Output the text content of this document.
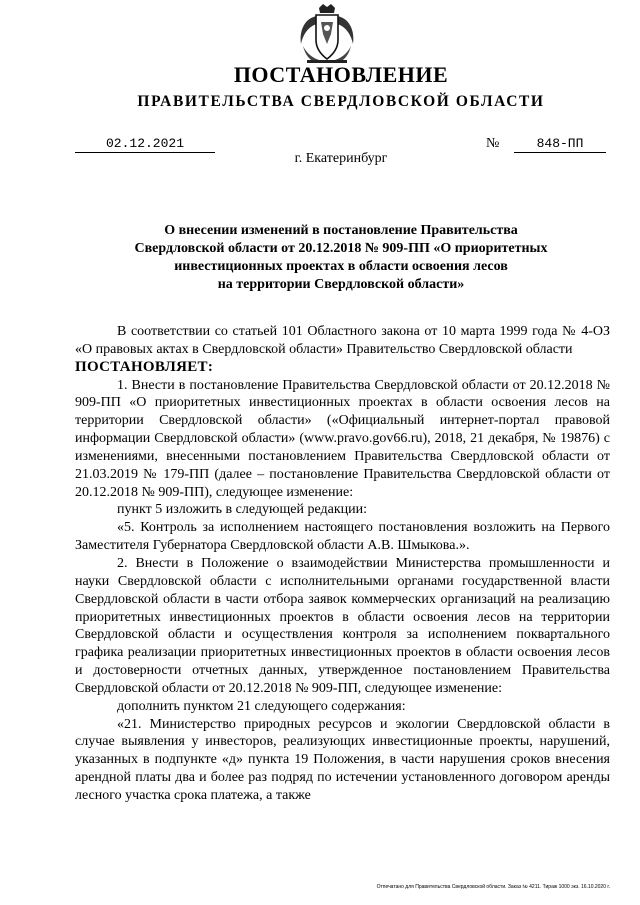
ПОСТАНОВЛЕНИЕ
ПРАВИТЕЛЬСТВА СВЕРДЛОВСКОЙ ОБЛАСТИ
02.12.2021	№	848-ПП
г. Екатеринбург
О внесении изменений в постановление Правительства
Свердловской области от 20.12.2018 № 909-ПП «О приоритетных
инвестиционных проектах в области освоения лесов
на территории Свердловской области»

В соответствии со статьей 101 Областного закона от 10 марта 1999 года № 4-ОЗ «О правовых актах в Свердловской области» Правительство Свердловской области

ПОСТАНОВЛЯЕТ:

1. Внести в постановление Правительства Свердловской области от 20.12.2018 № 909-ПП «О приоритетных инвестиционных проектах в области освоения лесов на территории Свердловской области» («Официальный интернет-портал правовой информации Свердловской области» (www.pravo.gov66.ru), 2018, 21 декабря, № 19876) с изменениями, внесенными постановлением Правительства Свердловской области от 21.03.2019 № 179-ПП (далее – постановление Правительства Свердловской области от 20.12.2018 № 909-ПП), следующее изменение:

пункт 5 изложить в следующей редакции:

«5. Контроль за исполнением настоящего постановления возложить на Первого Заместителя Губернатора Свердловской области А.В. Шмыкова.».

2. Внести в Положение о взаимодействии Министерства промышленности и науки Свердловской области с исполнительными органами государственной власти Свердловской области в части отбора заявок коммерческих организаций на реализацию приоритетных инвестиционных проектов в области освоения лесов на территории Свердловской области и осуществления контроля за исполнением поквартального графика реализации приоритетных инвестиционных проектов в области освоения лесов и достоверности отчетных данных, утвержденное постановлением Правительства Свердловской области от 20.12.2018 № 909-ПП, следующее изменение:

дополнить пунктом 21 следующего содержания:

«21. Министерство природных ресурсов и экологии Свердловской области в случае выявления у инвесторов, реализующих инвестиционные проекты, нарушений, указанных в подпункте «д» пункта 19 Положения, в части нарушения сроков внесения арендной платы два и более раз подряд по истечении установленного договором аренды лесного участка срока платежа, а также

Отпечатано для Правительства Свердловской области. Заказ № 4211. Тираж 1000 экз. 16.10.2020 г.
